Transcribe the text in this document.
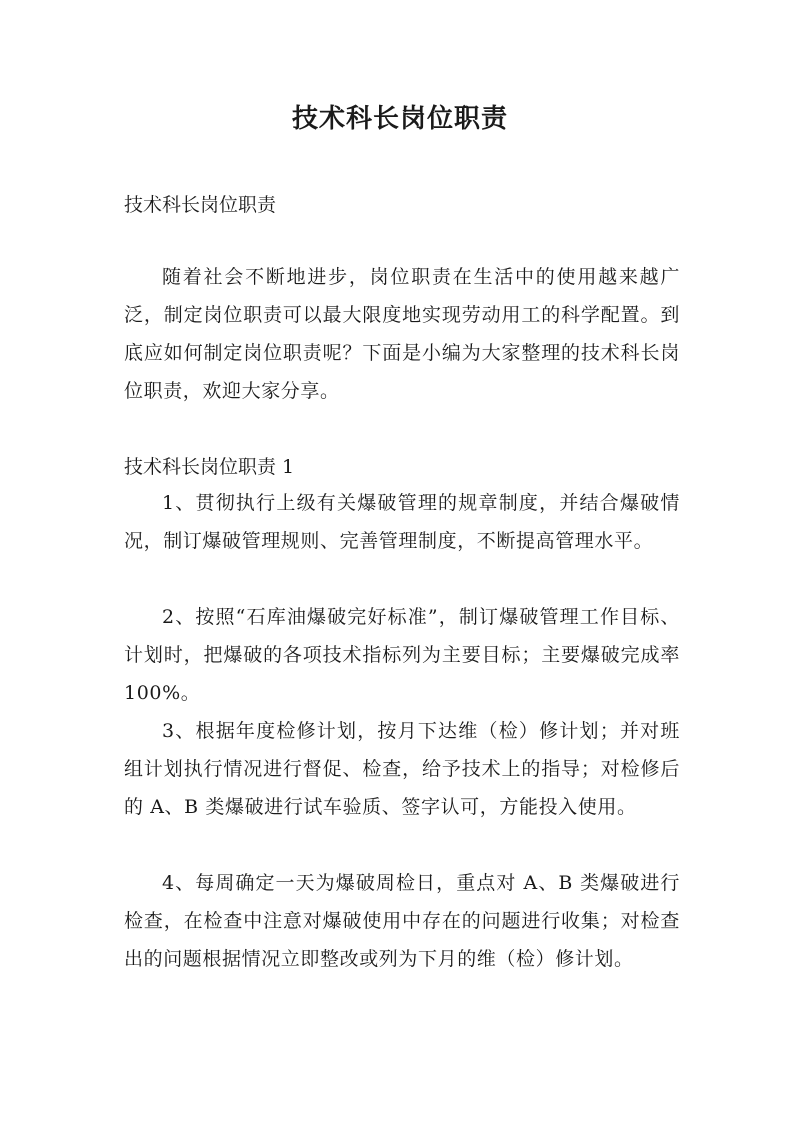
技术科长岗位职责

技术科长岗位职责

随着社会不断地进步，岗位职责在生活中的使用越来越广泛，制定岗位职责可以最大限度地实现劳动用工的科学配置。到底应如何制定岗位职责呢？下面是小编为大家整理的技术科长岗位职责，欢迎大家分享。

技术科长岗位职责 1

1、贯彻执行上级有关爆破管理的规章制度，并结合爆破情况，制订爆破管理规则、完善管理制度，不断提高管理水平。

2、按照“石库油爆破完好标准”，制订爆破管理工作目标、计划时，把爆破的各项技术指标列为主要目标；主要爆破完成率 100%。

3、根据年度检修计划，按月下达维（检）修计划；并对班组计划执行情况进行督促、检查，给予技术上的指导；对检修后的 A、B 类爆破进行试车验质、签字认可，方能投入使用。

4、每周确定一天为爆破周检日，重点对 A、B 类爆破进行检查，在检查中注意对爆破使用中存在的问题进行收集；对检查出的问题根据情况立即整改或列为下月的维（检）修计划。
